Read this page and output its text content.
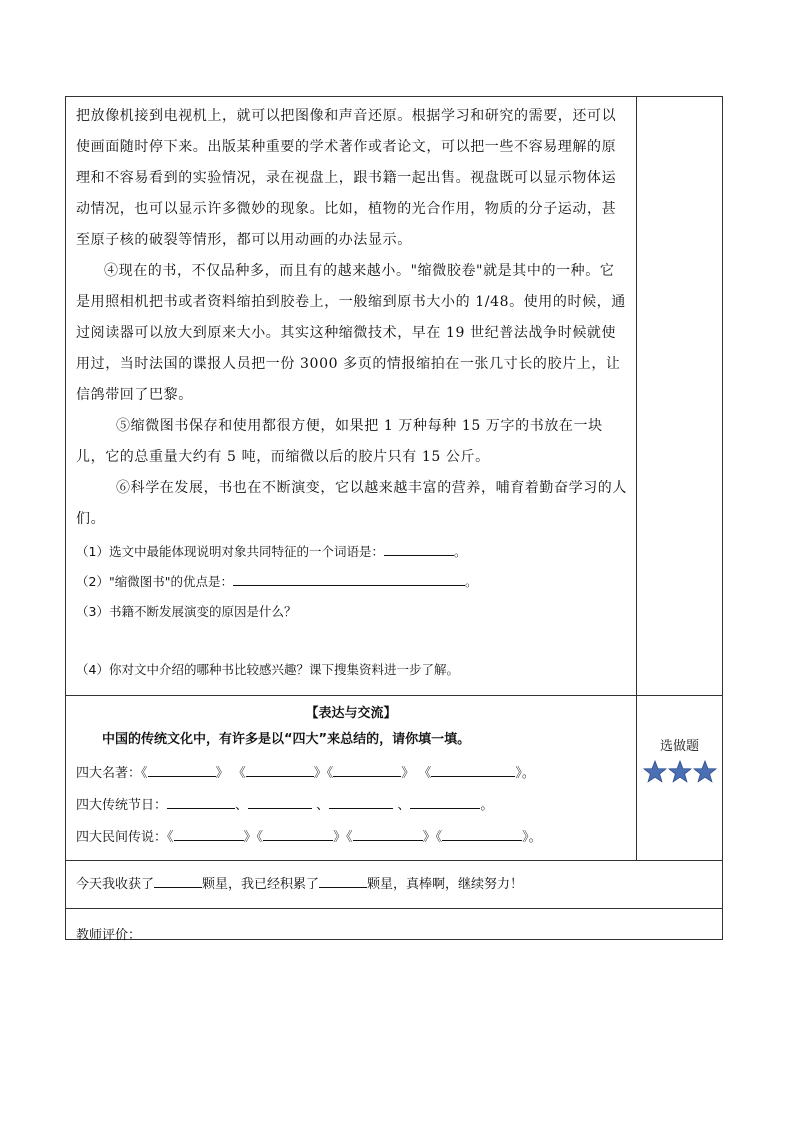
把放像机接到电视机上，就可以把图像和声音还原。根据学习和研究的需要，还可以使画面随时停下来。出版某种重要的学术著作或者论文，可以把一些不容易理解的原理和不容易看到的实验情况，录在视盘上，跟书籍一起出售。视盘既可以显示物体运动情况，也可以显示许多微妙的现象。比如，植物的光合作用，物质的分子运动，甚至原子核的破裂等情形，都可以用动画的办法显示。

④现在的书，不仅品种多，而且有的越来越小。"缩微胶卷"就是其中的一种。它是用照相机把书或者资料缩拍到胶卷上，一般缩到原书大小的 1/48。使用的时候，通过阅读器可以放大到原来大小。其实这种缩微技术，早在 19 世纪普法战争时候就使用过，当时法国的谍报人员把一份 3000 多页的情报缩拍在一张几寸长的胶片上，让信鸽带回了巴黎。

⑤缩微图书保存和使用都很方便，如果把 1 万种每种 15 万字的书放在一块儿，它的总重量大约有 5 吨，而缩微以后的胶片只有 15 公斤。

⑥科学在发展，书也在不断演变，它以越来越丰富的营养，哺育着勤奋学习的人们。

（1）选文中最能体现说明对象共同特征的一个词语是：	。

（2）"缩微图书"的优点是：	。

（3）书籍不断发展演变的原因是什么？

（4）你对文中介绍的哪种书比较感兴趣？课下搜集资料进一步了解。

【表达与交流】

中国的传统文化中，有许多是以“四大”来总结的，请你填一填。

四大名著：《	》 《	》《	》 《	》。

四大传统节日：	、	、	、	。

四大民间传说：《	》《	》《	》《	》。

选做题
今天我收获了	颗星，我已经积累了	颗星，真棒啊，继续努力！
教师评价：
